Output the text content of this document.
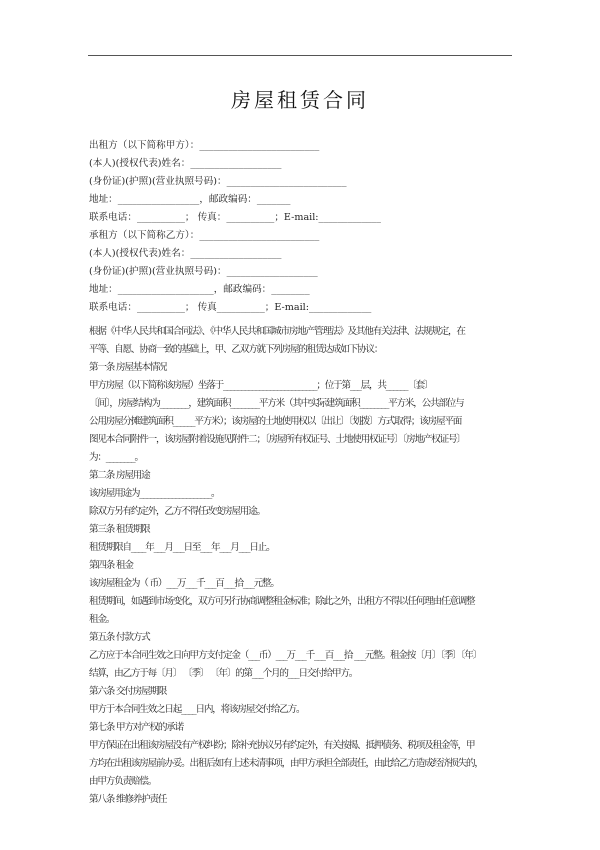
房屋租赁合同
出租方（以下简称甲方）：_________________________
(本人)(授权代表)姓名：___________________
(身份证)(护照)(营业执照号码)：_________________________
地址：_________________，邮政编码：_______
联系电话：__________； 传真：__________；E-mail:_____________
承租方（以下简称乙方）：_________________________
(本人)(授权代表)姓名：___________________
(身份证)(护照)(营业执照号码)：___________________
地址：____________________，邮政编码：________
联系电话：__________； 传真__________；E-mail:_____________
根据《中华人民共和国合同法》、《中华人民共和国城市房地产管理法》及其他有关法律、法规规定，在
平等、自愿、协商一致的基础上，甲、乙双方就下列房屋的租赁达成如下协议：
第一条 房屋基本情况
甲方房屋（以下简称该房屋）坐落于__________________________；位于第___层，共______〔套〕
〔间〕，房屋结构为________，建筑面积________平方米（其中实际建筑面积________平方米，公共部位与
公用房屋分摊建筑面积______平方米）；该房屋的土地使用权以〔出让〕〔划拨〕方式取得；该房屋平面
图见本合同附件一，该房屋附着设施见附件二；〔房屋所有权证号、土地使用权证号〕〔房地产权证号〕
为：________。
第二条 房屋用途
该房屋用途为____________________。
除双方另有约定外，乙方不得任改变房屋用途。
第三条 租赁期限
租赁期限自____年___月___日至___年___月___日止。
第四条 租金
该房屋租金为（ 币）___万___千___百___拾___元整。
租赁期间，如遇到市场变化，双方可另行协商调整租金标准；除此之外，出租方不得以任何理由任意调整
租金。
第五条 付款方式
乙方应于本合同生效之日向甲方支付定金（___币）___万___千___百___拾 ___元整。租金按〔月〕〔季〕〔年〕
结算，由乙方于每〔月〕 〔季〕 〔年〕的第___个月的___日交付给甲方。
第六条 交付房屋期限
甲方于本合同生效之日起____日内，将该房屋交付给乙方。
第七条 甲方对产权的承诺
甲方保证在出租该房屋没有产权纠纷；除补充协议另有约定外，有关按揭、抵押债务、税项及租金等，甲
方均在出租该房屋前办妥。出租后如有上述未清事项，由甲方承担全部责任，由此给乙方造成经济损失的，
由甲方负责赔偿。
第八条 维修养护责任
